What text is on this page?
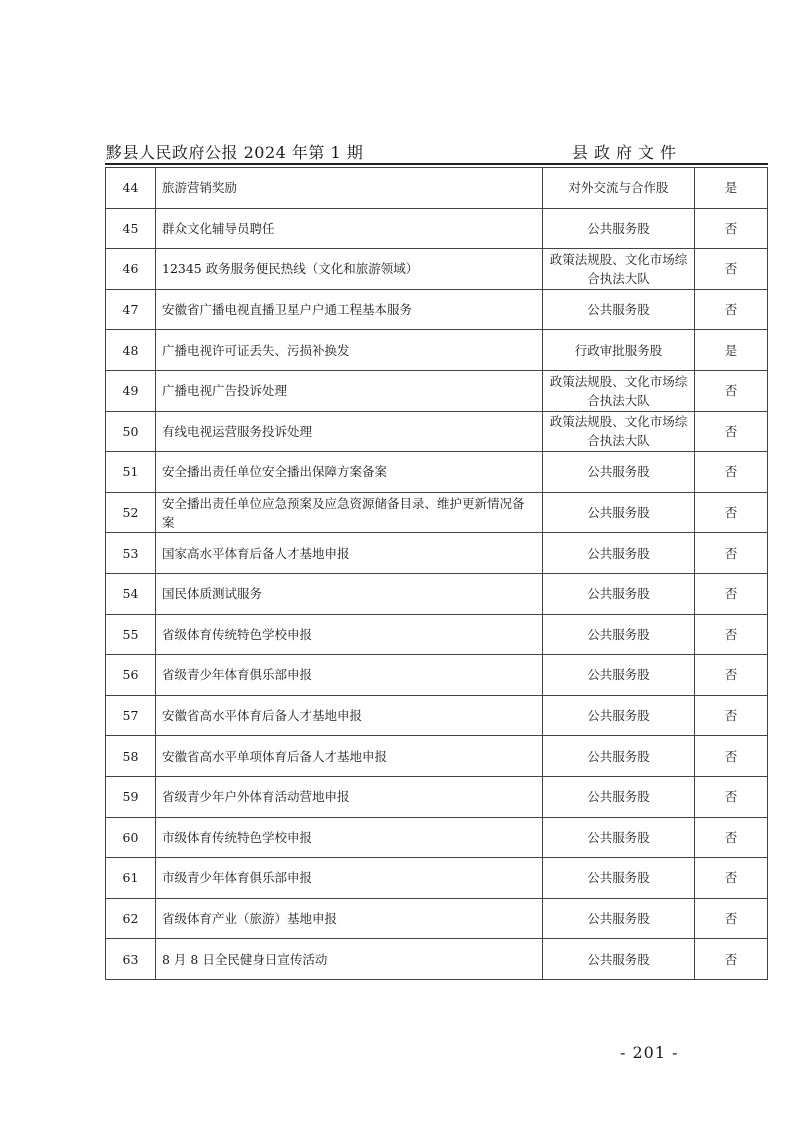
黟县人民政府公报 2024 年第 1 期	县政府文件
44	旅游营销奖励	对外交流与合作股	是
45	群众文化辅导员聘任	公共服务股	否
46	12345 政务服务便民热线（文化和旅游领域）	政策法规股、文化市场综合执法大队	否
47	安徽省广播电视直播卫星户户通工程基本服务	公共服务股	否
48	广播电视许可证丢失、污损补换发	行政审批服务股	是
49	广播电视广告投诉处理	政策法规股、文化市场综合执法大队	否
50	有线电视运营服务投诉处理	政策法规股、文化市场综合执法大队	否
51	安全播出责任单位安全播出保障方案备案	公共服务股	否
52	安全播出责任单位应急预案及应急资源储备目录、维护更新情况备案	公共服务股	否
53	国家高水平体育后备人才基地申报	公共服务股	否
54	国民体质测试服务	公共服务股	否
55	省级体育传统特色学校申报	公共服务股	否
56	省级青少年体育俱乐部申报	公共服务股	否
57	安徽省高水平体育后备人才基地申报	公共服务股	否
58	安徽省高水平单项体育后备人才基地申报	公共服务股	否
59	省级青少年户外体育活动营地申报	公共服务股	否
60	市级体育传统特色学校申报	公共服务股	否
61	市级青少年体育俱乐部申报	公共服务股	否
62	省级体育产业（旅游）基地申报	公共服务股	否
63	8 月 8 日全民健身日宣传活动	公共服务股	否
- 201 -
